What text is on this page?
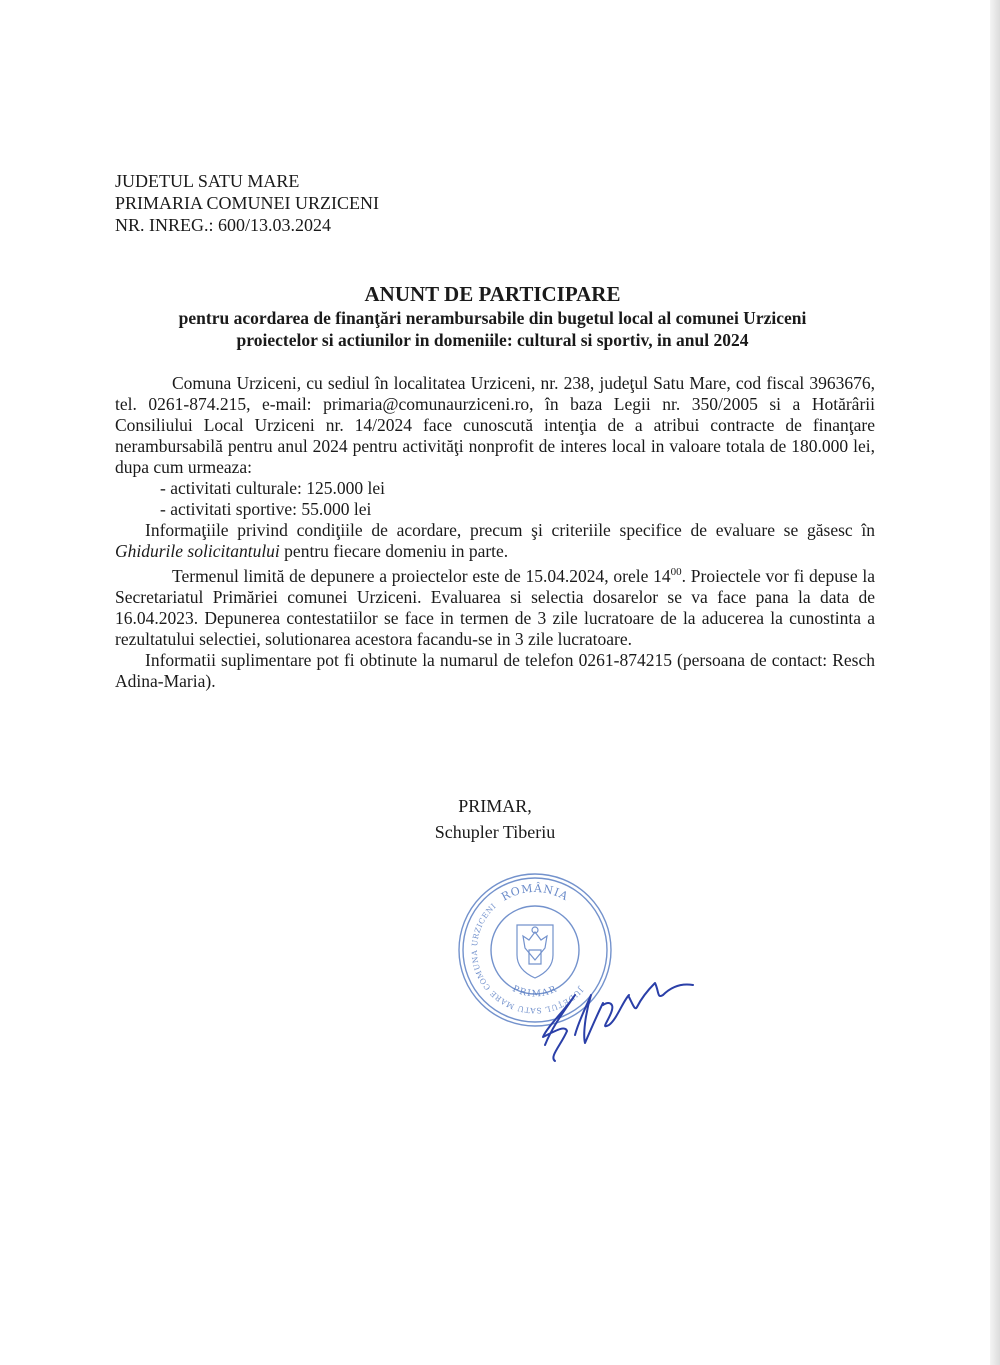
JUDETUL SATU MARE
PRIMARIA COMUNEI URZICENI
NR. INREG.: 600/13.03.2024
ANUNT DE PARTICIPARE
pentru acordarea de finanţări nerambursabile din bugetul local al comunei Urziceni proiectelor si actiunilor in domeniile: cultural si sportiv, in anul 2024

Comuna Urziceni, cu sediul în localitatea Urziceni, nr. 238, judeţul Satu Mare, cod fiscal 3963676, tel. 0261-874.215, e-mail: primaria@comunaurziceni.ro, în baza Legii nr. 350/2005 si a Hotărârii Consiliului Local Urziceni nr. 14/2024 face cunoscută intenţia de a atribui contracte de finanţare nerambursabilă pentru anul 2024 pentru activităţi nonprofit de interes local in valoare totala de 180.000 lei, dupa cum urmeaza:

- activitati culturale: 125.000 lei

- activitati sportive: 55.000 lei

Informaţiile privind condiţiile de acordare, precum şi criteriile specifice de evaluare se găsesc în Ghidurile solicitantului pentru fiecare domeniu in parte.

Termenul limită de depunere a proiectelor este de 15.04.2024, orele $14^{00}$. Proiectele vor fi depuse la Secretariatul Primăriei comunei Urziceni. Evaluarea si selectia dosarelor se va face pana la data de 16.04.2023. Depunerea contestatiilor se face in termen de 3 zile lucratoare de la aducerea la cunostinta a rezultatului selectiei, solutionarea acestora facandu-se in 3 zile lucratoare.

Informatii suplimentare pot fi obtinute la numarul de telefon 0261-874215 (persoana de contact: Resch Adina-Maria).

PRIMAR,
Schupler Tiberiu
ROMÂNIA
JUDEŢUL SATU MARE COMUNA URZICENI
PRIMAR
